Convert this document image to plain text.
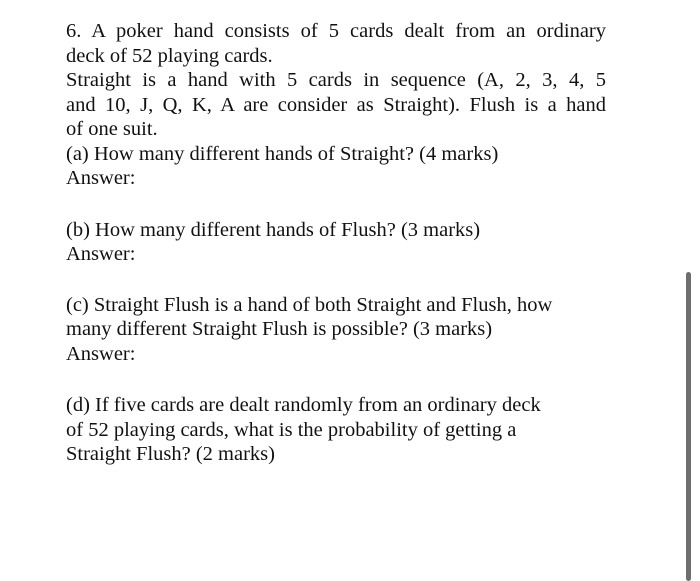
6. A poker hand consists of 5 cards dealt from an ordinary
deck of 52 playing cards.
Straight is a hand with 5 cards in sequence (A, 2, 3, 4, 5
and 10, J, Q, K, A are consider as Straight). Flush is a hand
of one suit.
(a) How many different hands of Straight? (4 marks)

Answer:

(b) How many different hands of Flush? (3 marks)

Answer:

(c) Straight Flush is a hand of both Straight and Flush, how
many different Straight Flush is possible? (3 marks)

Answer:

(d) If five cards are dealt randomly from an ordinary deck
of 52 playing cards, what is the probability of getting a
Straight Flush? (2 marks)
